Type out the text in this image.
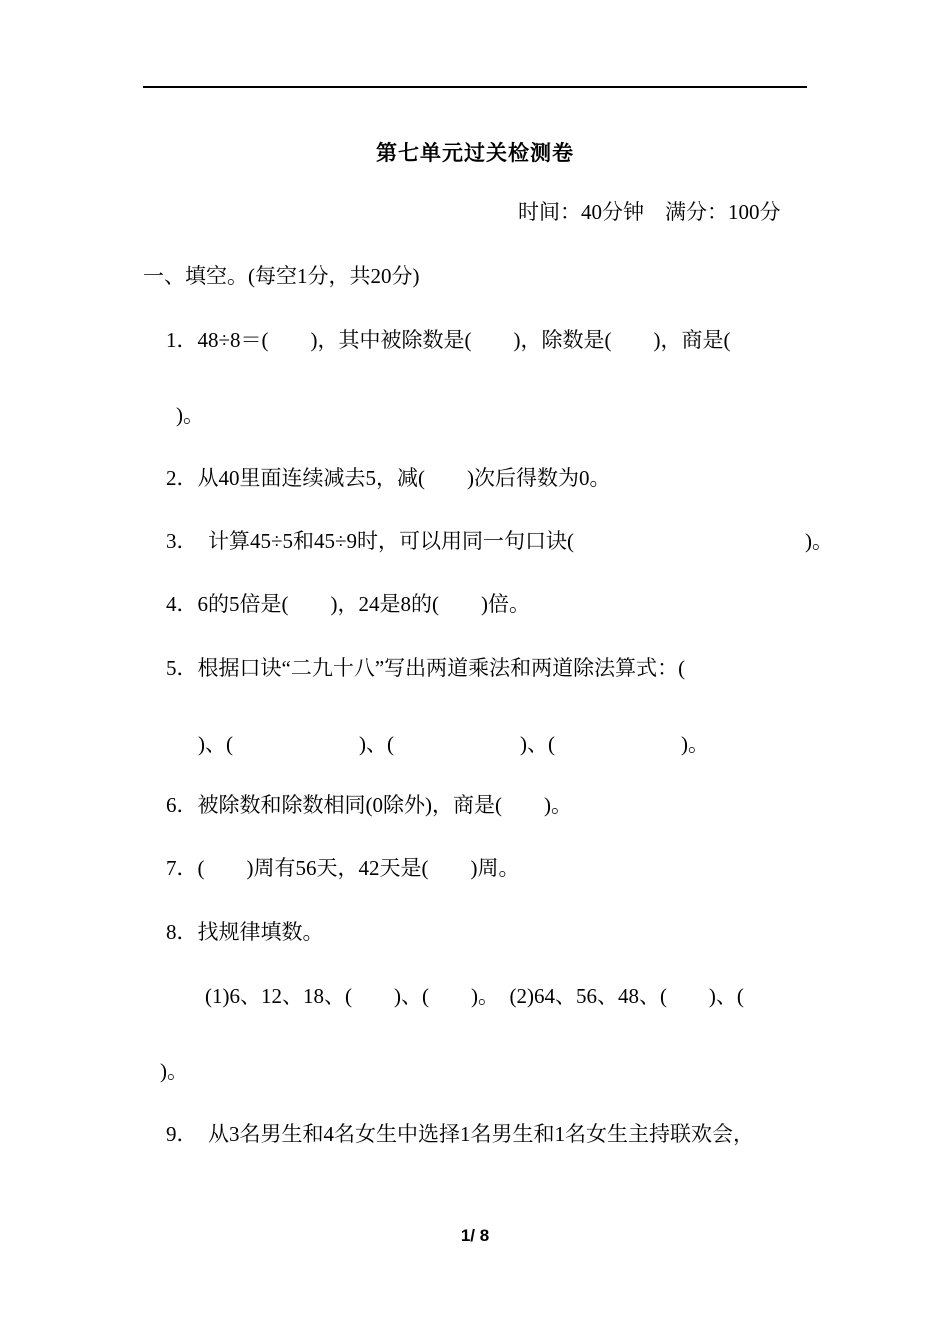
第七单元过关检测卷
时间：40分钟　满分：100分
一、填空。(每空1分，共20分)
1．48÷8＝(　　)，其中被除数是(　　)，除数是(　　)，商是(
)。
2．从40里面连续减去5，减(　　)次后得数为0。
3．　计算45÷5和45÷9时，可以用同一句口诀(　　　　　　　　　　　)。
4．6的5倍是(　　)，24是8的(　　)倍。
5．根据口诀“二九十八”写出两道乘法和两道除法算式：(
)、(　　　　　　)、(　　　　　　)、(　　　　　　)。
6．被除数和除数相同(0除外)，商是(　　)。
7．(　　)周有56天，42天是(　　)周。
8．找规律填数。
(1)6、12、18、(　　)、(　　)。　(2)64、56、48、(　　)、(
)。
9．　从3名男生和4名女生中选择1名男生和1名女生主持联欢会，
1/ 8
